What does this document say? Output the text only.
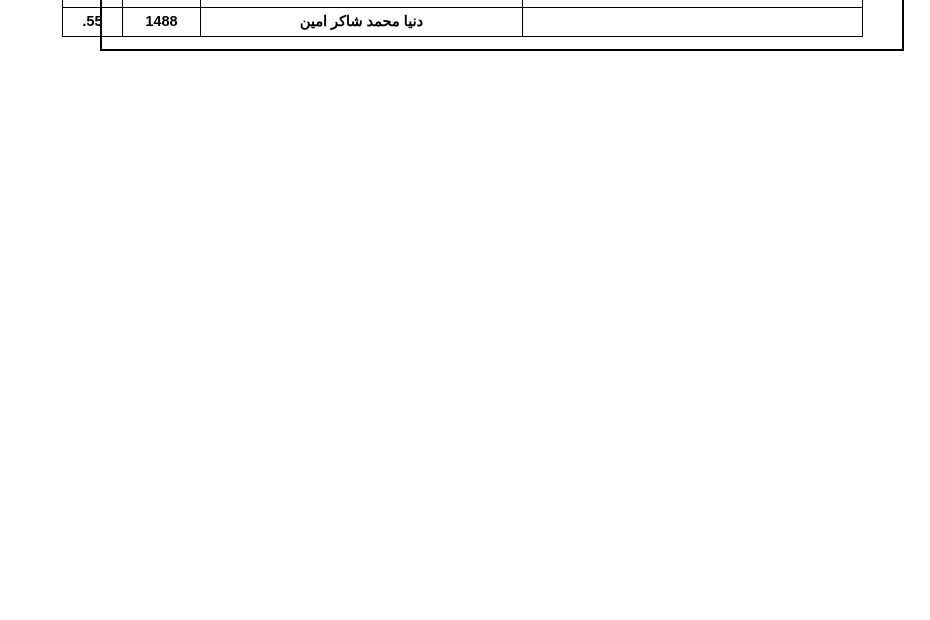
	دنيا محمد شاكر امين	1488	.55
